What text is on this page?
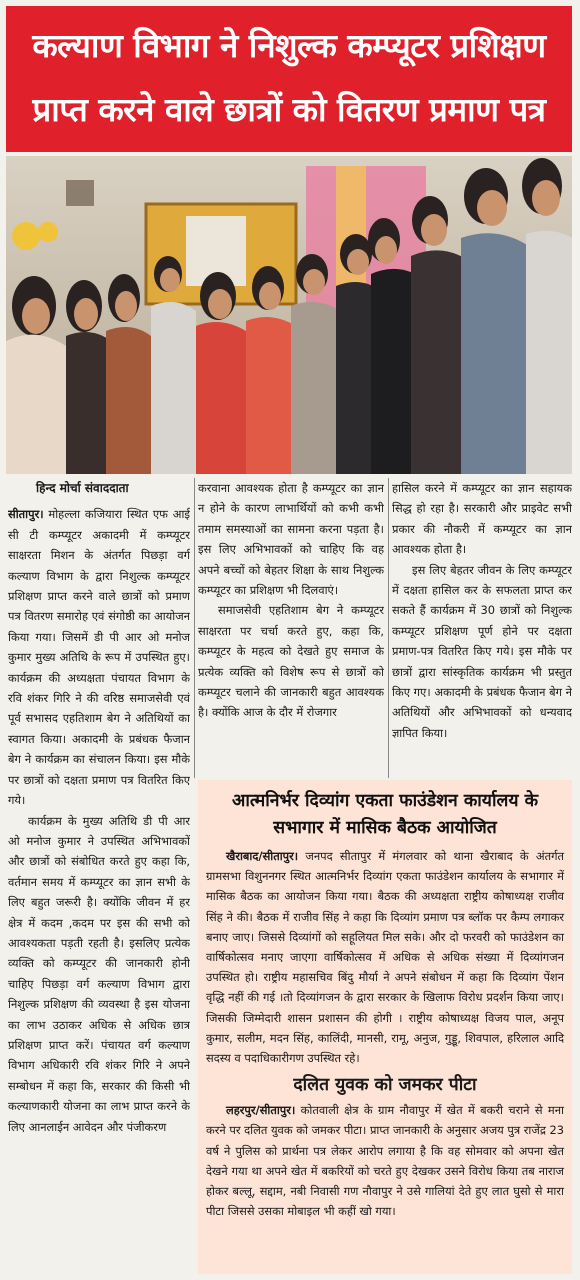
कल्याण विभाग ने निशुल्क कम्प्यूटर प्रशिक्षण प्राप्त करने वाले छात्रों को वितरण प्रमाण पत्र
हिन्द मोर्चा संवाददाता

सीतापुर। मोहल्ला कजियारा स्थित एफ आई सी टी कम्प्यूटर अकादमी में कम्प्यूटर साक्षरता मिशन के अंतर्गत पिछड़ा वर्ग कल्याण विभाग के द्वारा निशुल्क कम्प्यूटर प्रशिक्षण प्राप्त करने वाले छात्रों को प्रमाण पत्र वितरण समारोह एवं संगोष्ठी का आयोजन किया गया। जिसमें डी पी आर ओ मनोज कुमार मुख्य अतिथि के रूप में उपस्थित हुए। कार्यक्रम की अध्यक्षता पंचायत विभाग के रवि शंकर गिरि ने की वरिष्ठ समाजसेवी एवं पूर्व सभासद एहतिशाम बेग ने अतिथियों का स्वागत किया। अकादमी के प्रबंधक फैजान बेग ने कार्यक्रम का संचालन किया। इस मौके पर छात्रों को दक्षता प्रमाण पत्र वितरित किए गये।

कार्यक्रम के मुख्य अतिथि डी पी आर ओ मनोज कुमार ने उपस्थित अभिभावकों और छात्रों को संबोधित करते हुए कहा कि, वर्तमान समय में कम्प्यूटर का ज्ञान सभी के लिए बहुत जरूरी है। क्योंकि जीवन में हर क्षेत्र में कदम ,कदम पर इस की सभी को आवश्यकता पड़ती रहती है। इसलिए प्रत्येक व्यक्ति को कम्प्यूटर की जानकारी होनी चाहिए पिछड़ा वर्ग कल्याण विभाग द्वारा निशुल्क प्रशिक्षण की व्यवस्था है इस योजना का लाभ उठाकर अधिक से अधिक छात्र प्रशिक्षण प्राप्त करें। पंचायत वर्ग कल्याण विभाग अधिकारी रवि शंकर गिरि ने अपने सम्बोधन में कहा कि, सरकार की किसी भी कल्याणकारी योजना का लाभ प्राप्त करने के लिए आनलाईन आवेदन और पंजीकरण

करवाना आवश्यक होता है कम्प्यूटर का ज्ञान न होने के कारण लाभार्थियों को कभी कभी तमाम समस्याओं का सामना करना पड़ता है। इस लिए अभिभावकों को चाहिए कि वह अपने बच्चों को बेहतर शिक्षा के साथ निशुल्क कम्प्यूटर का प्रशिक्षण भी दिलवाएं।

समाजसेवी एहतिशाम बेग ने कम्प्यूटर साक्षरता पर चर्चा करते हुए, कहा कि, कम्प्यूटर के महत्व को देखते हुए समाज के प्रत्येक व्यक्ति को विशेष रूप से छात्रों को कम्प्यूटर चलाने की जानकारी बहुत आवश्यक है। क्योंकि आज के दौर में रोजगार

हासिल करने में कम्प्यूटर का ज्ञान सहायक सिद्ध हो रहा है। सरकारी और प्राइवेट सभी प्रकार की नौकरी में कम्प्यूटर का ज्ञान आवश्यक होता है।

इस लिए बेहतर जीवन के लिए कम्प्यूटर में दक्षता हासिल कर के सफलता प्राप्त कर सकते हैं कार्यक्रम में 30 छात्रों को निशुल्क कम्प्यूटर प्रशिक्षण पूर्ण होने पर दक्षता प्रमाण-पत्र वितरित किए गये। इस मौके पर छात्रों द्वारा सांस्कृतिक कार्यक्रम भी प्रस्तुत किए गए। अकादमी के प्रबंधक फैजान बेग ने अतिथियों और अभिभावकों को धन्यवाद ज्ञापित किया।

आत्मनिर्भर दिव्यांग एकता फाउंडेशन कार्यालय के सभागार में मासिक बैठक आयोजित

खैराबाद/सीतापुर। जनपद सीतापुर में मंगलवार को थाना खैराबाद के अंतर्गत ग्रामसभा विशुननगर स्थित आत्मनिर्भर दिव्यांग एकता फाउंडेशन कार्यालय के सभागार में मासिक बैठक का आयोजन किया गया। बैठक की अध्यक्षता राष्ट्रीय कोषाध्यक्ष राजीव सिंह ने की। बैठक में राजीव सिंह ने कहा कि दिव्यांग प्रमाण पत्र ब्लॉक पर कैम्प लगाकर बनाए जाए। जिससे दिव्यांगों को सहूलियत मिल सके। और दो फरवरी को फाउंडेशन का वार्षिकोत्सव मनाए जाएगा वार्षिकोत्सव में अधिक से अधिक संख्या में दिव्यांगजन उपस्थित हो। राष्ट्रीय महासचिव बिंदु मौर्या ने अपने संबोधन में कहा कि दिव्यांग पेंशन वृद्धि नहीं की गई ।तो दिव्यांगजन के द्वारा सरकार के खिलाफ विरोध प्रदर्शन किया जाए। जिसकी जिम्मेदारी शासन प्रशासन की होगी । राष्ट्रीय कोषाध्यक्ष विजय पाल, अनूप कुमार, सलीम, मदन सिंह, कालिंदी, मानसी, रामू, अनुज, गुड्डू, शिवपाल, हरिलाल आदि सदस्य व पदाधिकारीगण उपस्थित रहे।

दलित युवक को जमकर पीटा

लहरपुर/सीतापुर। कोतवाली क्षेत्र के ग्राम नौवापुर में खेत में बकरी चराने से मना करने पर दलित युवक को जमकर पीटा। प्राप्त जानकारी के अनुसार अजय पुत्र राजेंद्र 23 वर्ष ने पुलिस को प्रार्थना पत्र लेकर आरोप लगाया है कि वह सोमवार को अपना खेत देखने गया था अपने खेत में बकरियों को चरते हुए देखकर उसने विरोध किया तब नाराज होकर बल्लू, सद्दाम, नबी निवासी गण नौवापुर ने उसे गालियां देते हुए लात घुसो से मारा पीटा जिससे उसका मोबाइल भी कहीं खो गया।
